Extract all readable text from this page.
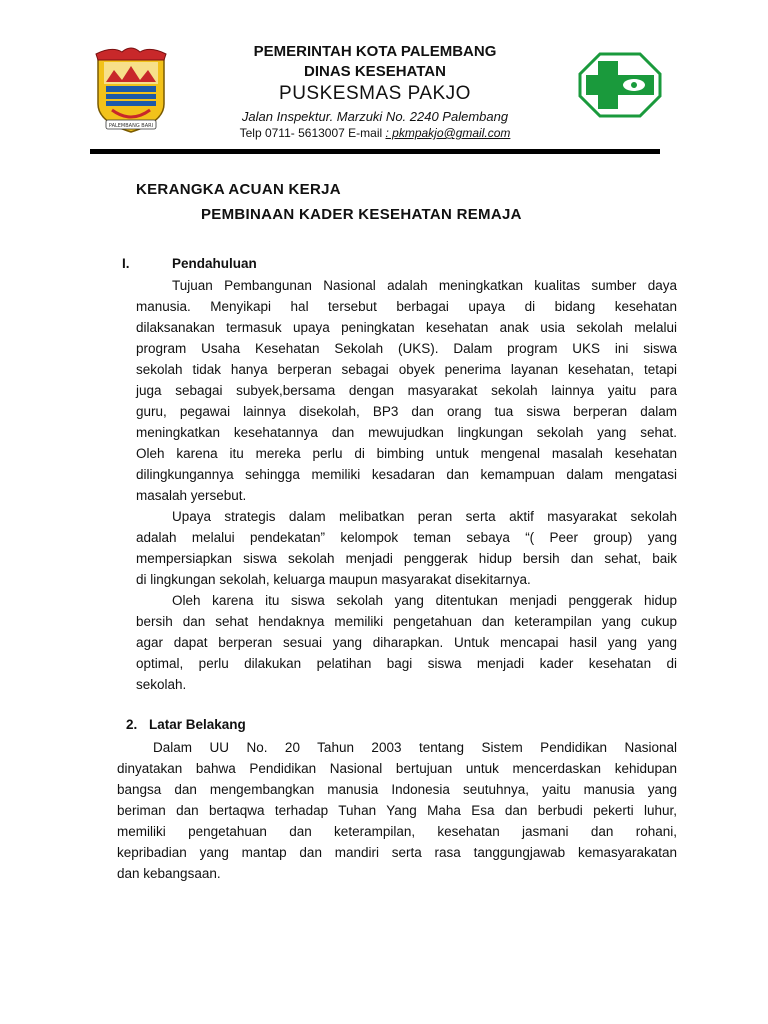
PALEMBANG BARI
PEMERINTAH KOTA PALEMBANG
DINAS KESEHATAN
PUSKESMAS PAKJO
Jalan Inspektur. Marzuki No. 2240 Palembang
Telp 0711- 5613007 E-mail : pkmpakjo@gmail.com
KERANGKA ACUAN KERJA
PEMBINAAN KADER KESEHATAN REMAJA
I.	Pendahuluan
Tujuan Pembangunan Nasional adalah meningkatkan kualitas sumber daya
manusia. Menyikapi hal tersebut berbagai upaya di bidang kesehatan
dilaksanakan termasuk upaya peningkatan kesehatan anak usia sekolah melalui
program Usaha Kesehatan Sekolah (UKS). Dalam program UKS ini siswa
sekolah tidak hanya berperan sebagai obyek penerima layanan kesehatan, tetapi
juga sebagai subyek,bersama dengan masyarakat sekolah lainnya yaitu para
guru, pegawai lainnya disekolah, BP3 dan orang tua siswa berperan dalam
meningkatkan kesehatannya dan mewujudkan lingkungan sekolah yang sehat.
Oleh karena itu mereka perlu di bimbing untuk mengenal masalah kesehatan
dilingkungannya sehingga memiliki kesadaran dan kemampuan dalam mengatasi
masalah yersebut.
Upaya strategis dalam melibatkan peran serta aktif masyarakat sekolah
adalah melalui pendekatan” kelompok teman sebaya “( Peer group) yang
mempersiapkan siswa sekolah menjadi penggerak hidup bersih dan sehat, baik
di lingkungan sekolah, keluarga maupun masyarakat disekitarnya.
Oleh karena itu siswa sekolah yang ditentukan menjadi penggerak hidup
bersih dan sehat hendaknya memiliki pengetahuan dan keterampilan yang cukup
agar dapat berperan sesuai yang diharapkan. Untuk mencapai hasil yang yang
optimal, perlu dilakukan pelatihan bagi siswa menjadi kader kesehatan di
sekolah.
2. Latar Belakang
Dalam UU No. 20 Tahun 2003 tentang Sistem Pendidikan Nasional
dinyatakan bahwa Pendidikan Nasional bertujuan untuk mencerdaskan kehidupan
bangsa dan mengembangkan manusia Indonesia seutuhnya, yaitu manusia yang
beriman dan bertaqwa terhadap Tuhan Yang Maha Esa dan berbudi pekerti luhur,
memiliki pengetahuan dan keterampilan, kesehatan jasmani dan rohani,
kepribadian yang mantap dan mandiri serta rasa tanggungjawab kemasyarakatan
dan kebangsaan.
